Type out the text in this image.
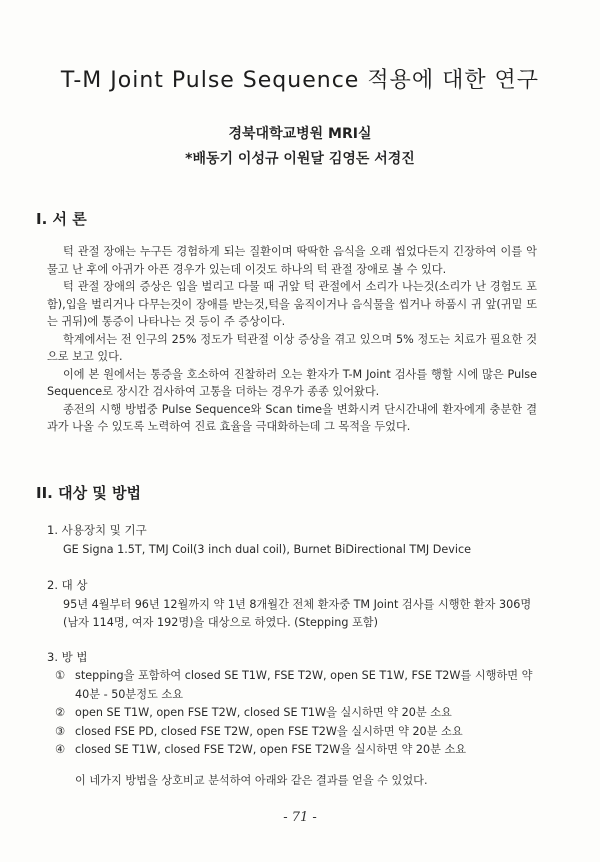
T-M Joint Pulse Sequence 적용에 대한 연구
경북대학교병원 MRI실
*배동기 이성규 이원달 김영돈 서경진
I. 서 론

턱 관절 장애는 누구든 경험하게 되는 질환이며 딱딱한 음식을 오래 씹었다든지 긴장하여 이를 악물고 난 후에 아귀가 아픈 경우가 있는데 이것도 하나의 턱 관절 장애로 볼 수 있다.

턱 관절 장애의 증상은 입을 벌리고 다물 때 귀앞 턱 관절에서 소리가 나는것(소리가 난 경험도 포함),입을 벌리거나 다무는것이 장애를 받는것,턱을 움직이거나 음식물을 씹거나 하품시 귀 앞(귀밑 또는 귀뒤)에 통증이 나타나는 것 등이 주 증상이다.

학계에서는 전 인구의 25% 정도가 턱관절 이상 증상을 겪고 있으며 5% 정도는 치료가 필요한 것으로 보고 있다.

이에 본 원에서는 통증을 호소하여 진찰하러 오는 환자가 T-M Joint 검사를 행할 시에 많은 Pulse Sequence로 장시간 검사하여 고통을 더하는 경우가 종종 있어왔다.

종전의 시행 방법중 Pulse Sequence와 Scan time을 변화시켜 단시간내에 환자에게 충분한 결과가 나올 수 있도록 노력하여 진료 효율을 극대화하는데 그 목적을 두었다.

II. 대상 및 방법
1. 사용장치 및 기구

GE Signa 1.5T, TMJ Coil(3 inch dual coil), Burnet BiDirectional TMJ Device

2. 대 상

95년 4월부터 96년 12월까지 약 1년 8개월간 전체 환자중 TM Joint 검사를 시행한 환자 306명(남자 114명, 여자 192명)을 대상으로 하였다. (Stepping 포함)

3. 방 법
① stepping을 포함하여 closed SE T1W, FSE T2W, open SE T1W, FSE T2W를 시행하면 약 40분 - 50분정도 소요
② open SE T1W, open FSE T2W, closed SE T1W을 실시하면 약 20분 소요
③ closed FSE PD, closed FSE T2W, open FSE T2W을 실시하면 약 20분 소요
④ closed SE T1W, closed FSE T2W, open FSE T2W을 실시하면 약 20분 소요
이 네가지 방법을 상호비교 분석하여 아래와 같은 결과를 얻을 수 있었다.
- 71 -
